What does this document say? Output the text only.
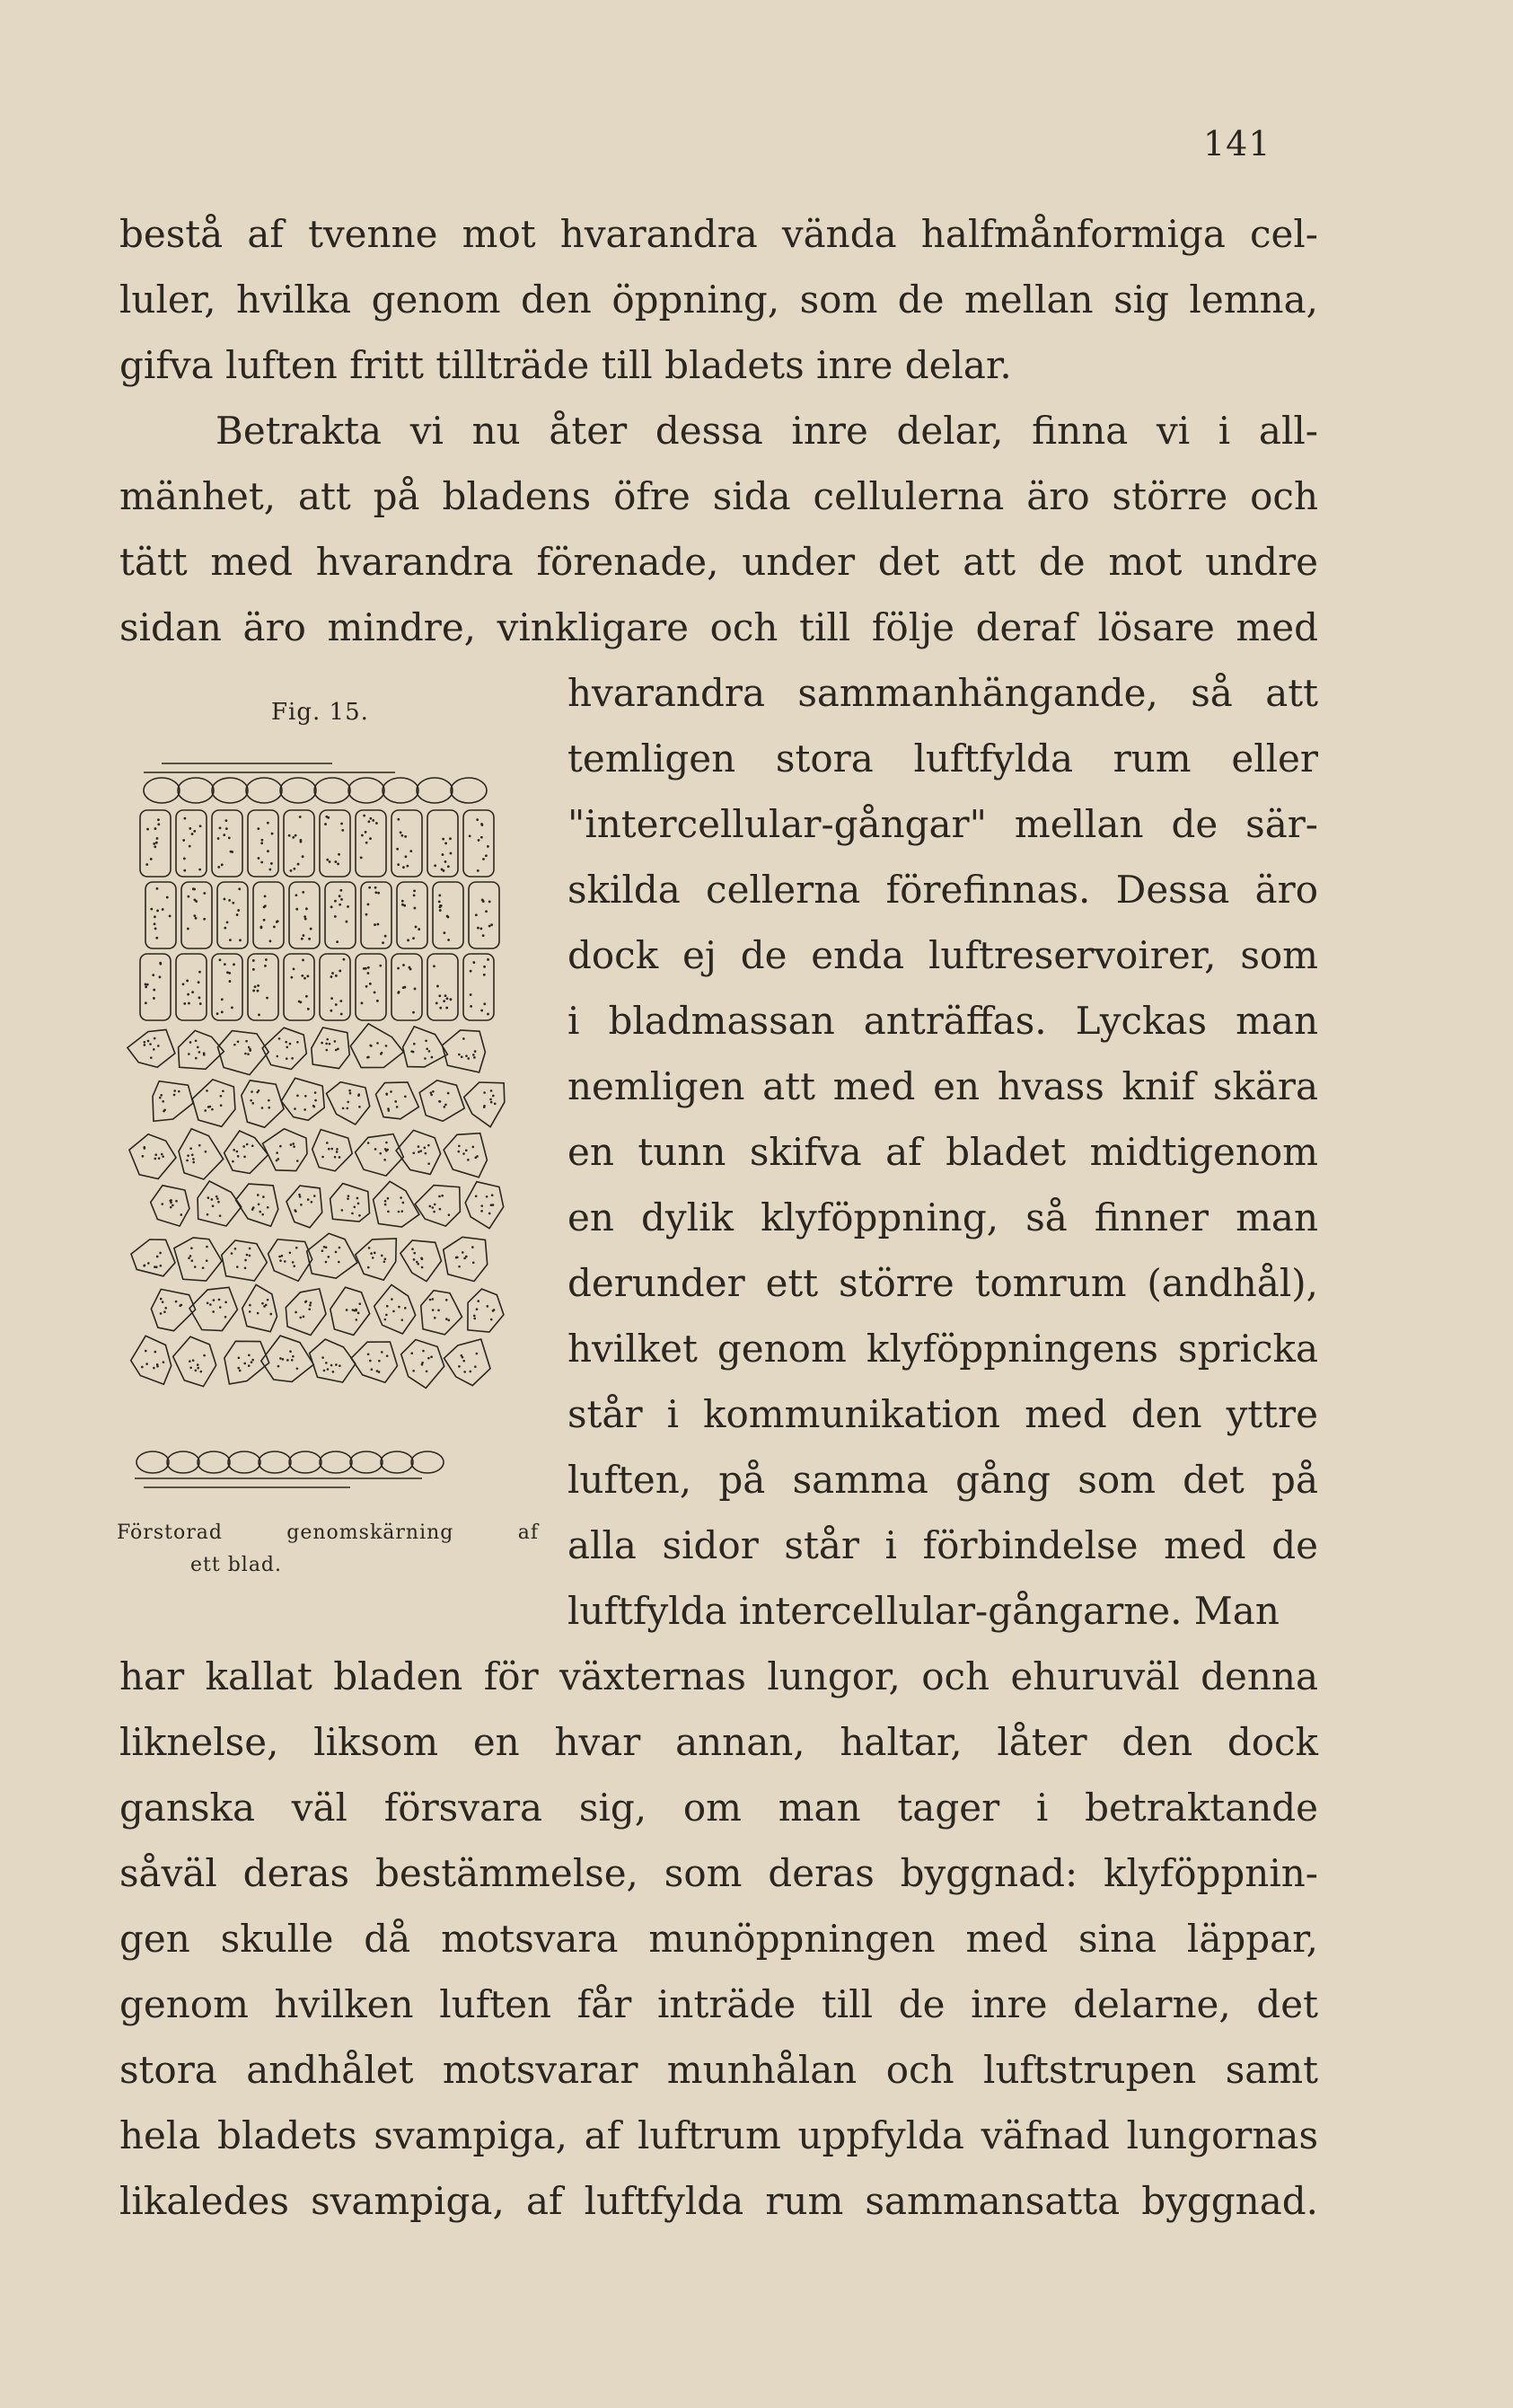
141
bestå af tvenne mot hvarandra vända halfmånformiga cel-
luler, hvilka genom den öppning, som de mellan sig lemna,
gifva luften fritt tillträde till bladets inre delar.
Betrakta vi nu åter dessa inre delar, finna vi i all-
mänhet, att på bladens öfre sida cellulerna äro större och
tätt med hvarandra förenade, under det att de mot undre
sidan äro mindre, vinkligare och till följe deraf lösare med
hvarandra sammanhängande, så att
temligen stora luftfylda rum eller
"intercellular-gångar" mellan de sär-
skilda cellerna förefinnas. Dessa äro
dock ej de enda luftreservoirer, som
i bladmassan anträffas. Lyckas man
nemligen att med en hvass knif skära
en tunn skifva af bladet midtigenom
en dylik klyföppning, så finner man
derunder ett större tomrum (andhål),
hvilket genom klyföppningens spricka
står i kommunikation med den yttre
luften, på samma gång som det på
alla sidor står i förbindelse med de
luftfylda intercellular-gångarne. Man
har kallat bladen för växternas lungor, och ehuruväl denna
liknelse, liksom en hvar annan, haltar, låter den dock
ganska väl försvara sig, om man tager i betraktande
såväl deras bestämmelse, som deras byggnad: klyföppnin-
gen skulle då motsvara munöppningen med sina läppar,
genom hvilken luften får inträde till de inre delarne, det
stora andhålet motsvarar munhålan och luftstrupen samt
hela bladets svampiga, af luftrum uppfylda väfnad lungornas
likaledes svampiga, af luftfylda rum sammansatta byggnad.
Fig. 15.
Förstorad genomskärning af
ett blad.
